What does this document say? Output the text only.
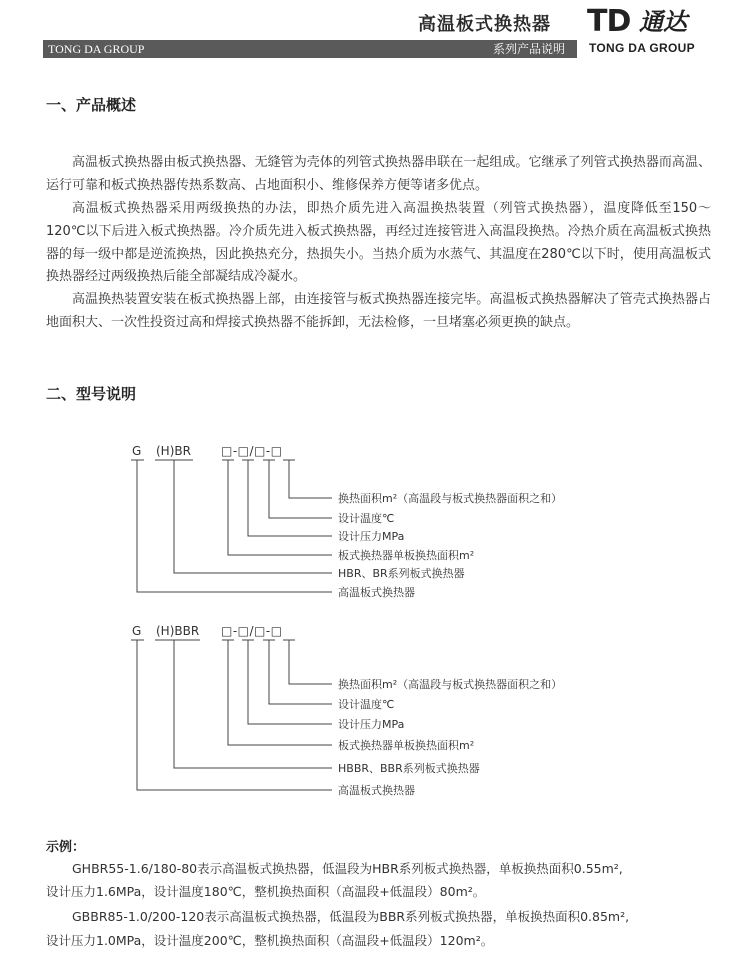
高温板式换热器 TD 通达
TONG DA GROUP	系列产品说明 TONG DA GROUP
一、产品概述

高温板式换热器由板式换热器、无缝管为壳体的列管式换热器串联在一起组成。它继承了列管式换热器而高温、运行可靠和板式换热器传热系数高、占地面积小、维修保养方便等诸多优点。

高温板式换热器采用两级换热的办法，即热介质先进入高温换热装置（列管式换热器），温度降低至150～120℃以下后进入板式换热器。冷介质先进入板式换热器，再经过连接管进入高温段换热。冷热介质在高温板式换热器的每一级中都是逆流换热，因此换热充分，热损失小。当热介质为水蒸气、其温度在280℃以下时，使用高温板式换热器经过两级换热后能全部凝结成冷凝水。

高温换热装置安装在板式换热器上部，由连接管与板式换热器连接完毕。高温板式换热器解决了管壳式换热器占地面积大、一次性投资过高和焊接式换热器不能拆卸，无法检修，一旦堵塞必须更换的缺点。

二、型号说明
G (H)BR	□-□/□-□
换热面积m²（高温段与板式换热器面积之和）
设计温度℃
设计压力MPa
板式换热器单板换热面积m²
HBR、BR系列板式换热器
高温板式换热器
G (H)BBR □-□/□-□
换热面积m²（高温段与板式换热器面积之和）
设计温度℃
设计压力MPa
板式换热器单板换热面积m²
HBBR、BBR系列板式换热器
高温板式换热器
示例：

GHBR55-1.6/180-80表示高温板式换热器，低温段为HBR系列板式换热器，单板换热面积0.55m²,

设计压力1.6MPa，设计温度180℃，整机换热面积（高温段+低温段）80m²。

GBBR85-1.0/200-120表示高温板式换热器，低温段为BBR系列板式换热器，单板换热面积0.85m²,

设计压力1.0MPa，设计温度200℃，整机换热面积（高温段+低温段）120m²。
